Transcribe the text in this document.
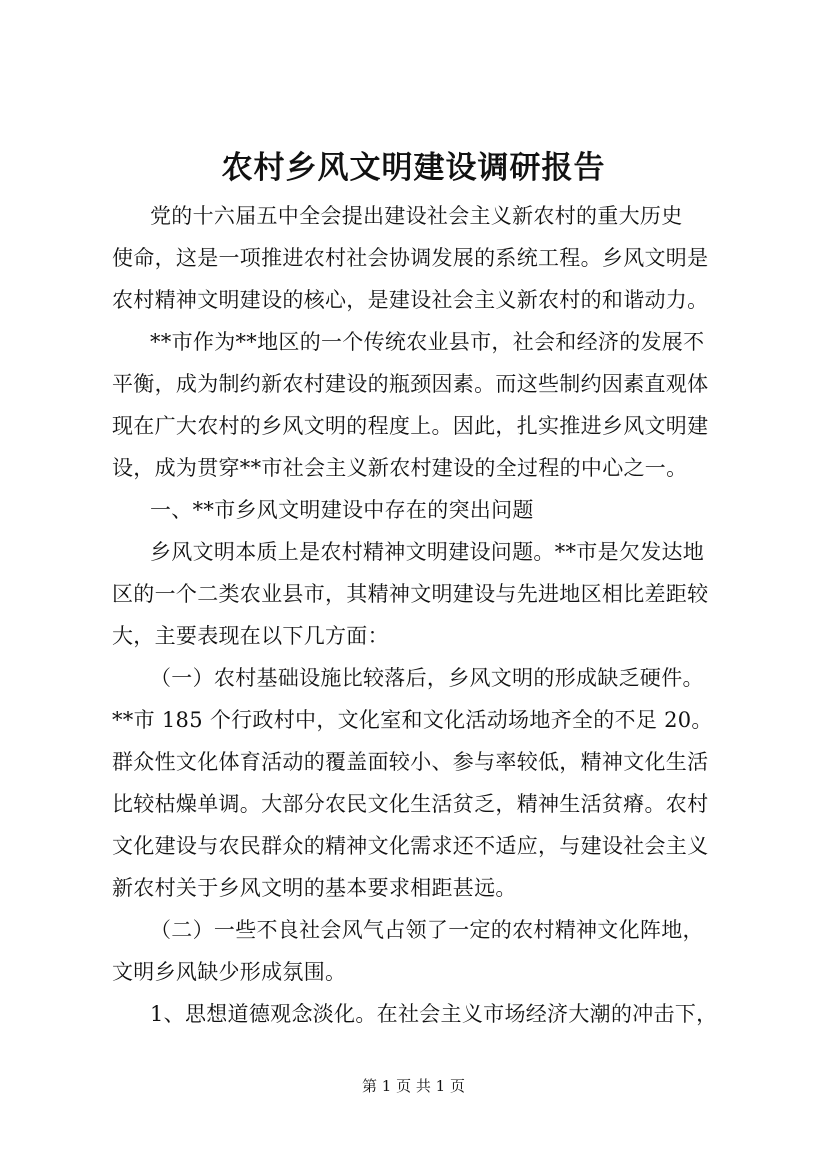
农村乡风文明建设调研报告
党的十六届五中全会提出建设社会主义新农村的重大历史
使命，这是一项推进农村社会协调发展的系统工程。乡风文明是
农村精神文明建设的核心，是建设社会主义新农村的和谐动力。
**市作为**地区的一个传统农业县市，社会和经济的发展不
平衡，成为制约新农村建设的瓶颈因素。而这些制约因素直观体
现在广大农村的乡风文明的程度上。因此，扎实推进乡风文明建
设，成为贯穿**市社会主义新农村建设的全过程的中心之一。
一、**市乡风文明建设中存在的突出问题
乡风文明本质上是农村精神文明建设问题。**市是欠发达地
区的一个二类农业县市，其精神文明建设与先进地区相比差距较
大，主要表现在以下几方面：
（一）农村基础设施比较落后，乡风文明的形成缺乏硬件。
**市 185 个行政村中，文化室和文化活动场地齐全的不足 20。
群众性文化体育活动的覆盖面较小、参与率较低，精神文化生活
比较枯燥单调。大部分农民文化生活贫乏，精神生活贫瘠。农村
文化建设与农民群众的精神文化需求还不适应，与建设社会主义
新农村关于乡风文明的基本要求相距甚远。
（二）一些不良社会风气占领了一定的农村精神文化阵地，
文明乡风缺少形成氛围。
1、思想道德观念淡化。在社会主义市场经济大潮的冲击下，
第 1 页 共 1 页
